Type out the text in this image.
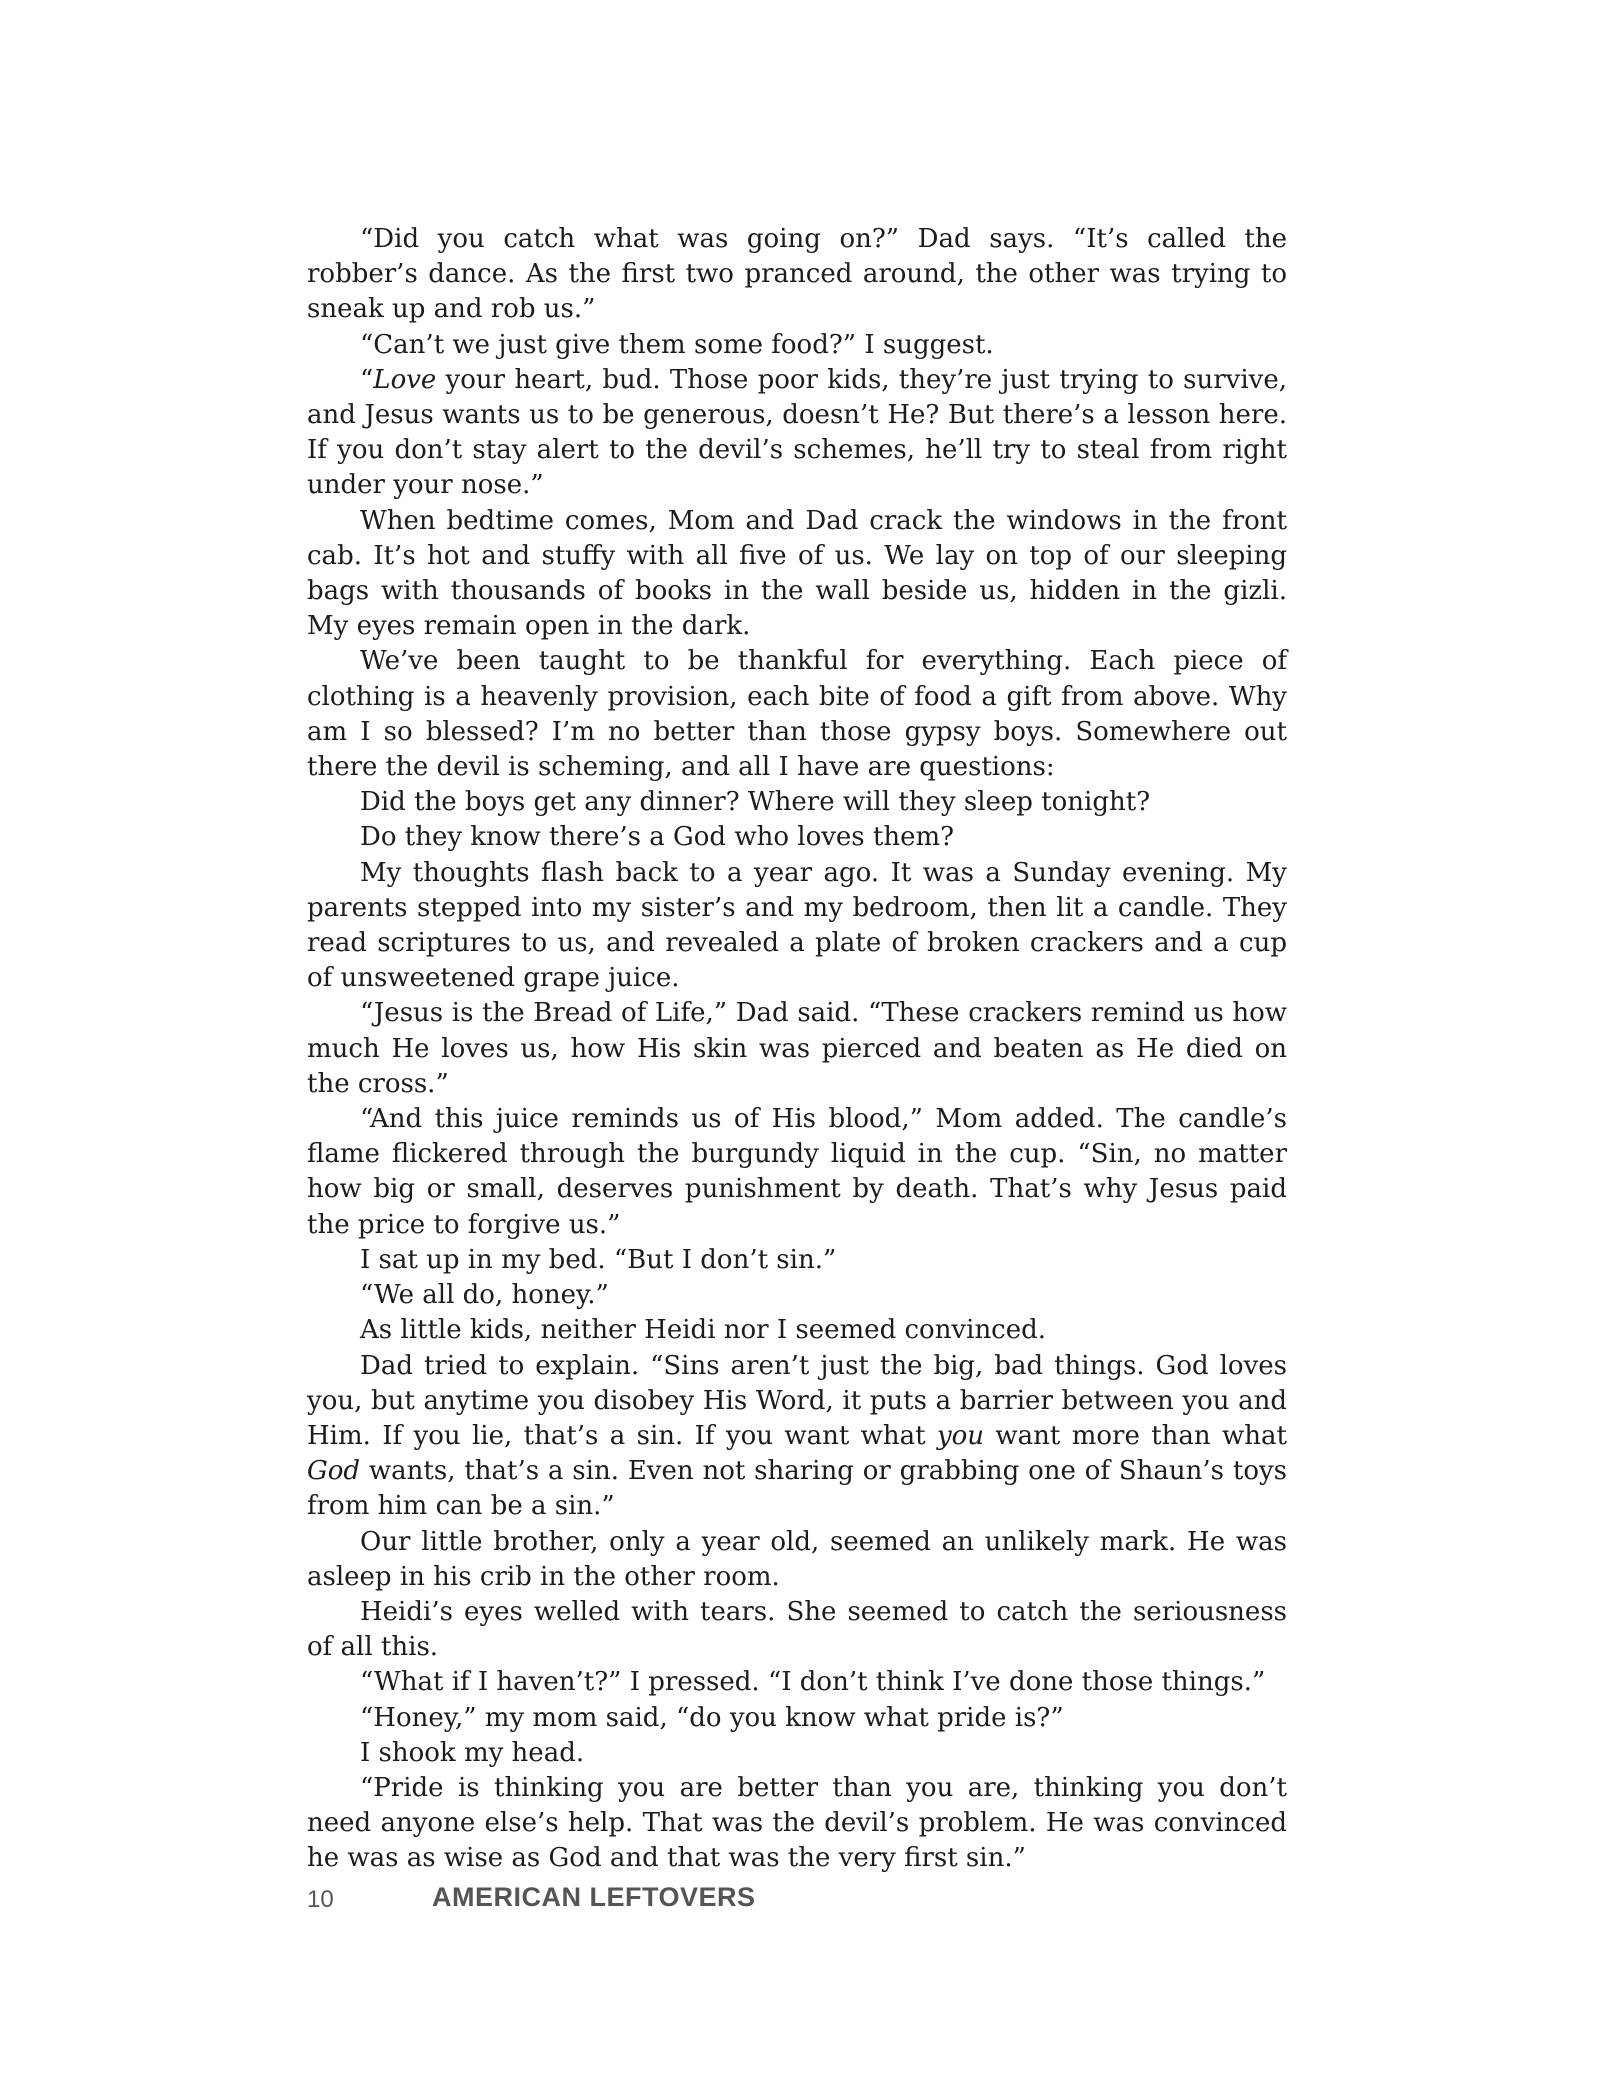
“Did you catch what was going on?” Dad says. “It’s called the robber’s dance. As the first two pranced around, the other was trying to sneak up and rob us.”

“Can’t we just give them some food?” I suggest.

“Love your heart, bud. Those poor kids, they’re just trying to survive, and Jesus wants us to be generous, doesn’t He? But there’s a lesson here. If you don’t stay alert to the devil’s schemes, he’ll try to steal from right under your nose.”

When bedtime comes, Mom and Dad crack the windows in the front cab. It’s hot and stuffy with all five of us. We lay on top of our sleeping bags with thousands of books in the wall beside us, hidden in the gizli. My eyes remain open in the dark.

We’ve been taught to be thankful for everything. Each piece of clothing is a heavenly provision, each bite of food a gift from above. Why am I so blessed? I’m no better than those gypsy boys. Somewhere out there the devil is scheming, and all I have are questions:

Did the boys get any dinner? Where will they sleep tonight?

Do they know there’s a God who loves them?

My thoughts flash back to a year ago. It was a Sunday evening. My parents stepped into my sister’s and my bedroom, then lit a candle. They read scriptures to us, and revealed a plate of broken crackers and a cup of unsweetened grape juice.

“Jesus is the Bread of Life,” Dad said. “These crackers remind us how much He loves us, how His skin was pierced and beaten as He died on the cross.”

“And this juice reminds us of His blood,” Mom added. The candle’s flame flickered through the burgundy liquid in the cup. “Sin, no matter how big or small, deserves punishment by death. That’s why Jesus paid the price to forgive us.”

I sat up in my bed. “But I don’t sin.”

“We all do, honey.”

As little kids, neither Heidi nor I seemed convinced.

Dad tried to explain. “Sins aren’t just the big, bad things. God loves you, but anytime you disobey His Word, it puts a barrier between you and Him. If you lie, that’s a sin. If you want what you want more than what God wants, that’s a sin. Even not sharing or grabbing one of Shaun’s toys from him can be a sin.”

Our little brother, only a year old, seemed an unlikely mark. He was asleep in his crib in the other room.

Heidi’s eyes welled with tears. She seemed to catch the seriousness of all this.

“What if I haven’t?” I pressed. “I don’t think I’ve done those things.”

“Honey,” my mom said, “do you know what pride is?”

I shook my head.

“Pride is thinking you are better than you are, thinking you don’t need anyone else’s help. That was the devil’s problem. He was convinced he was as wise as God and that was the very first sin.”

10	AMERICAN LEFTOVERS
